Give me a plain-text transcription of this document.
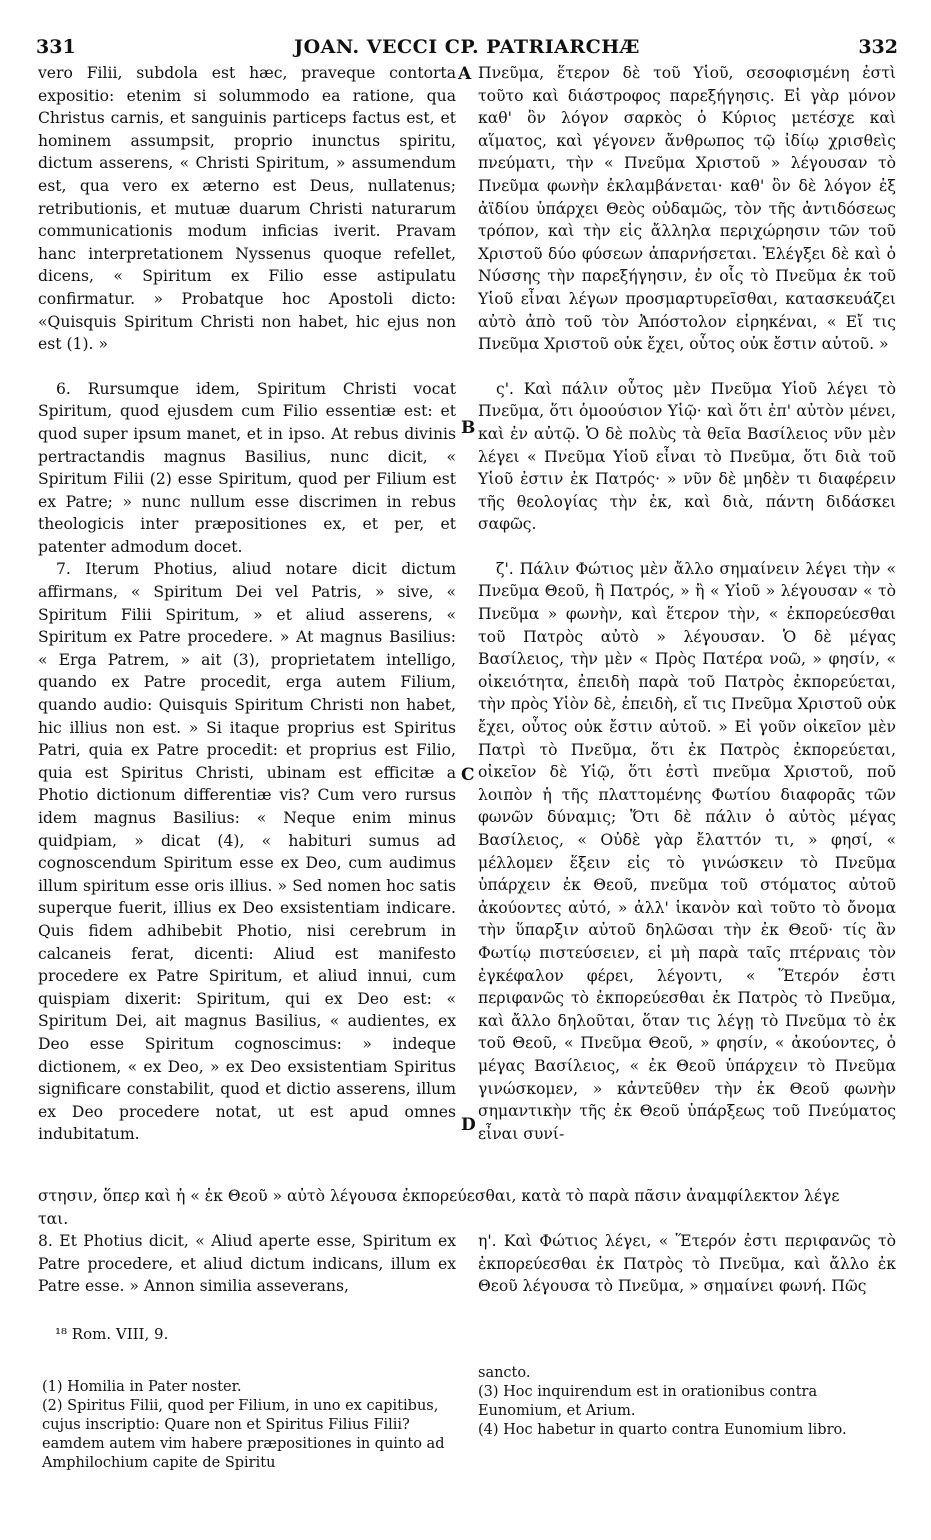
331	JOAN. VECCI CP. PATRIARCHÆ	332

vero Filii, subdola est hæc, praveque contorta expositio: etenim si solummodo ea ratione, qua Christus carnis, et sanguinis particeps factus est, et hominem assumpsit, proprio inunctus spiritu, dictum asserens, « Christi Spiritum, » assumendum est, qua vero ex æterno est Deus, nullatenus; retributionis, et mutuæ duarum Christi naturarum communicationis modum inficias iverit. Pravam hanc interpretationem Nyssenus quoque refellet, dicens, « Spiritum ex Filio esse astipulatu confirmatur. » Probatque hoc Apostoli dicto: «Quisquis Spiritum Christi non habet, hic ejus non est (1). »

6. Rursumque idem, Spiritum Christi vocat Spiritum, quod ejusdem cum Filio essentiæ est: et quod super ipsum manet, et in ipso. At rebus divinis pertractandis magnus Basilius, nunc dicit, « Spiritum Filii (2) esse Spiritum, quod per Filium est ex Patre; » nunc nullum esse discrimen in rebus theologicis inter præpositiones ex, et per, et patenter admodum docet.

7. Iterum Photius, aliud notare dicit dictum affirmans, « Spiritum Dei vel Patris, » sive, « Spiritum Filii Spiritum, » et aliud asserens, « Spiritum ex Patre procedere. » At magnus Basilius: « Erga Patrem, » ait (3), proprietatem intelligo, quando ex Patre procedit, erga autem Filium, quando audio: Quisquis Spiritum Christi non habet, hic illius non est. » Si itaque proprius est Spiritus Patri, quia ex Patre procedit: et proprius est Filio, quia est Spiritus Christi, ubinam est efficitæ a Photio dictionum differentiæ vis? Cum vero rursus idem magnus Basilius: « Neque enim minus quidpiam, » dicat (4), « habituri sumus ad cognoscendum Spiritum esse ex Deo, cum audimus illum spiritum esse oris illius. » Sed nomen hoc satis superque fuerit, illius ex Deo exsistentiam indicare. Quis fidem adhibebit Photio, nisi cerebrum in calcaneis ferat, dicenti: Aliud est manifesto procedere ex Patre Spiritum, et aliud innui, cum quispiam dixerit: Spiritum, qui ex Deo est: « Spiritum Dei, ait magnus Basilius, « audientes, ex Deo esse Spiritum cognoscimus: » indeque dictionem, « ex Deo, » ex Deo exsistentiam Spiritus significare constabilit, quod et dictio asserens, illum ex Deo procedere notat, ut est apud omnes indubitatum.

A
B
C
D

Πνεῦμα, ἕτερον δὲ τοῦ Υἱοῦ, σεσοφισμένη ἐστὶ τοῦτο καὶ διάστροφος παρεξήγησις. Εἰ γὰρ μόνον καθ' ὃν λόγον σαρκὸς ὁ Κύριος μετέσχε καὶ αἵματος, καὶ γέγονεν ἄνθρωπος τῷ ἰδίῳ χρισθεὶς πνεύματι, τὴν « Πνεῦμα Χριστοῦ » λέγουσαν τὸ Πνεῦμα φωνὴν ἐκλαμβάνεται· καθ' ὃν δὲ λόγον ἐξ ἀϊδίου ὑπάρχει Θεὸς οὐδαμῶς, τὸν τῆς ἀντιδόσεως τρόπον, καὶ τὴν εἰς ἄλληλα περιχώρησιν τῶν τοῦ Χριστοῦ δύο φύσεων ἀπαρνήσεται. Ἐλέγξει δὲ καὶ ὁ Νύσσης τὴν παρεξήγησιν, ἐν οἷς τὸ Πνεῦμα ἐκ τοῦ Υἱοῦ εἶναι λέγων προσμαρτυρεῖσθαι, κατασκευάζει αὐτὸ ἀπὸ τοῦ τὸν Ἀπόστολον εἰρηκέναι, « Εἴ τις Πνεῦμα Χριστοῦ οὐκ ἔχει, οὗτος οὐκ ἔστιν αὐτοῦ. »

ς'. Καὶ πάλιν οὗτος μὲν Πνεῦμα Υἱοῦ λέγει τὸ Πνεῦμα, ὅτι ὁμοούσιον Υἱῷ· καὶ ὅτι ἐπ' αὐτὸν μένει, καὶ ἐν αὐτῷ. Ὁ δὲ πολὺς τὰ θεῖα Βασίλειος νῦν μὲν λέγει « Πνεῦμα Υἱοῦ εἶναι τὸ Πνεῦμα, ὅτι διὰ τοῦ Υἱοῦ ἐστιν ἐκ Πατρός· » νῦν δὲ μηδὲν τι διαφέρειν τῆς θεολογίας τὴν ἐκ, καὶ διὰ, πάντη διδάσκει σαφῶς.

ζ'. Πάλιν Φώτιος μὲν ἄλλο σημαίνειν λέγει τὴν « Πνεῦμα Θεοῦ, ἢ Πατρός, » ἢ « Υἱοῦ » λέγουσαν « τὸ Πνεῦμα » φωνὴν, καὶ ἕτερον τὴν, « ἐκπορεύεσθαι τοῦ Πατρὸς αὐτὸ » λέγουσαν. Ὁ δὲ μέγας Βασίλειος, τὴν μὲν « Πρὸς Πατέρα νοῶ, » φησίν, « οἰκειότητα, ἐπειδὴ παρὰ τοῦ Πατρὸς ἐκπορεύεται, τὴν πρὸς Υἱὸν δὲ, ἐπειδὴ, εἴ τις Πνεῦμα Χριστοῦ οὐκ ἔχει, οὗτος οὐκ ἔστιν αὐτοῦ. » Εἰ γοῦν οἰκεῖον μὲν Πατρὶ τὸ Πνεῦμα, ὅτι ἐκ Πατρὸς ἐκπορεύεται, οἰκεῖον δὲ Υἱῷ, ὅτι ἐστὶ πνεῦμα Χριστοῦ, ποῦ λοιπὸν ἡ τῆς πλαττομένης Φωτίου διαφορᾶς τῶν φωνῶν δύναμις; Ὅτι δὲ πάλιν ὁ αὐτὸς μέγας Βασίλειος, « Οὐδὲ γὰρ ἔλαττόν τι, » φησί, « μέλλομεν ἕξειν εἰς τὸ γινώσκειν τὸ Πνεῦμα ὑπάρχειν ἐκ Θεοῦ, πνεῦμα τοῦ στόματος αὐτοῦ ἀκούοντες αὐτό, » ἀλλ' ἱκανὸν καὶ τοῦτο τὸ ὄνομα τὴν ὕπαρξιν αὐτοῦ δηλῶσαι τὴν ἐκ Θεοῦ· τίς ἂν Φωτίῳ πιστεύσειεν, εἰ μὴ παρὰ ταῖς πτέρναις τὸν ἐγκέφαλον φέρει, λέγοντι, « Ἕτερόν ἐστι περιφανῶς τὸ ἐκπορεύεσθαι ἐκ Πατρὸς τὸ Πνεῦμα, καὶ ἄλλο δηλοῦται, ὅταν τις λέγῃ τὸ Πνεῦμα τὸ ἐκ τοῦ Θεοῦ, « Πνεῦμα Θεοῦ, » φησίν, « ἀκούοντες, ὁ μέγας Βασίλειος, « ἐκ Θεοῦ ὑπάρχειν τὸ Πνεῦμα γινώσκομεν, » κἀντεῦθεν τὴν ἐκ Θεοῦ φωνὴν σημαντικὴν τῆς ἐκ Θεοῦ ὑπάρξεως τοῦ Πνεύματος εἶναι συνί-

στησιν, ὅπερ καὶ ἡ « ἐκ Θεοῦ » αὐτὸ λέγουσα ἐκπορεύεσθαι, κατὰ τὸ παρὰ πᾶσιν ἀναμφίλεκτον λέγε
ται.

8. Et Photius dicit, « Aliud aperte esse, Spiritum ex Patre procedere, et aliud dictum indicans, illum ex Patre esse. » Annon similia asseverans,

η'. Καὶ Φώτιος λέγει, « Ἕτερόν ἐστι περιφανῶς τὸ ἐκπορεύεσθαι ἐκ Πατρὸς τὸ Πνεῦμα, καὶ ἄλλο ἐκ Θεοῦ λέγουσα τὸ Πνεῦμα, » σημαίνει φωνή. Πῶς

¹⁸ Rom. VIII, 9.

(1) Homilia in Pater noster.

(2) Spiritus Filii, quod per Filium, in uno ex capitibus, cujus inscriptio: Quare non et Spiritus Filius Filii? eamdem autem vim habere præpositiones in quinto ad Amphilochium capite de Spiritu

sancto.

(3) Hoc inquirendum est in orationibus contra Eunomium, et Arium.

(4) Hoc habetur in quarto contra Eunomium libro.
